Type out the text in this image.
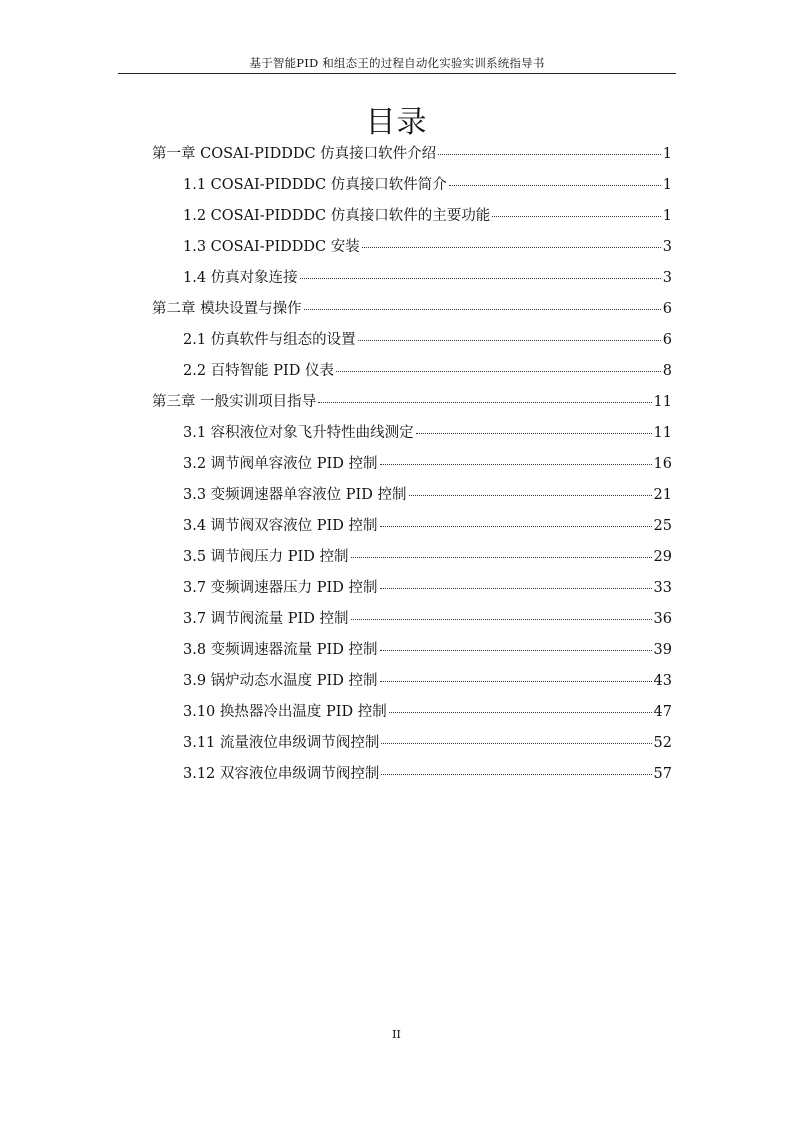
基于智能PID 和组态王的过程自动化实验实训系统指导书
目录
第一章 COSAI-PIDDDC 仿真接口软件介绍	1
1.1 COSAI-PIDDDC 仿真接口软件简介	1
1.2 COSAI-PIDDDC 仿真接口软件的主要功能	1
1.3 COSAI-PIDDDC 安装	3
1.4 仿真对象连接	3
第二章 模块设置与操作	6
2.1 仿真软件与组态的设置	6
2.2 百特智能 PID 仪表	8
第三章 一般实训项目指导	11
3.1 容积液位对象飞升特性曲线测定	11
3.2 调节阀单容液位 PID 控制	16
3.3 变频调速器单容液位 PID 控制	21
3.4 调节阀双容液位 PID 控制	25
3.5 调节阀压力 PID 控制	29
3.7 变频调速器压力 PID 控制	33
3.7 调节阀流量 PID 控制	36
3.8 变频调速器流量 PID 控制	39
3.9 锅炉动态水温度 PID 控制	43
3.10 换热器冷出温度 PID 控制	47
3.11 流量液位串级调节阀控制	52
3.12 双容液位串级调节阀控制	57
II
